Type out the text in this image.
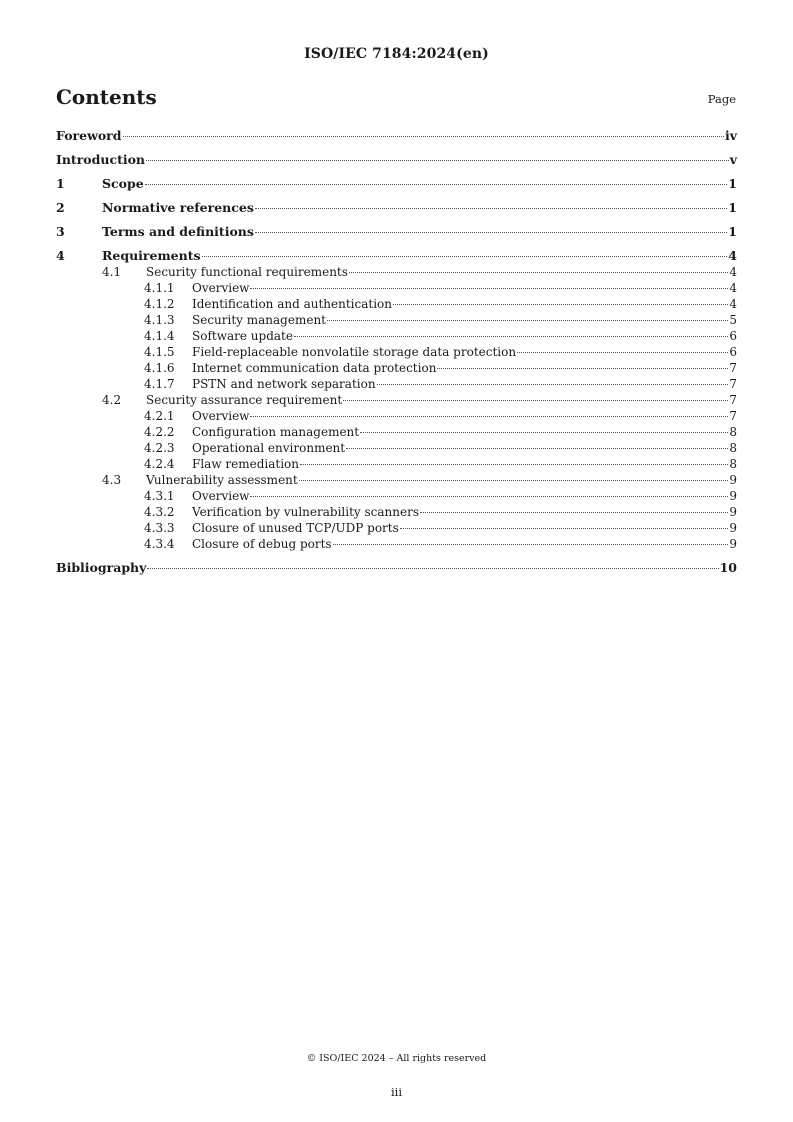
ISO/IEC 7184:2024(en)
Contents	Page
Foreword	iv
Introduction	v
1	Scope	1
2	Normative references	1
3	Terms and definitions	1
4	Requirements	4
4.1	Security functional requirements	4
4.1.1	Overview	4
4.1.2	Identification and authentication	4
4.1.3	Security management	5
4.1.4	Software update	6
4.1.5	Field-replaceable nonvolatile storage data protection	6
4.1.6	Internet communication data protection	7
4.1.7	PSTN and network separation	7
4.2	Security assurance requirement	7
4.2.1	Overview	7
4.2.2	Configuration management	8
4.2.3	Operational environment	8
4.2.4	Flaw remediation	8
4.3	Vulnerability assessment	9
4.3.1	Overview	9
4.3.2	Verification by vulnerability scanners	9
4.3.3	Closure of unused TCP/UDP ports	9
4.3.4	Closure of debug ports	9
Bibliography	10
© ISO/IEC 2024 – All rights reserved
iii
